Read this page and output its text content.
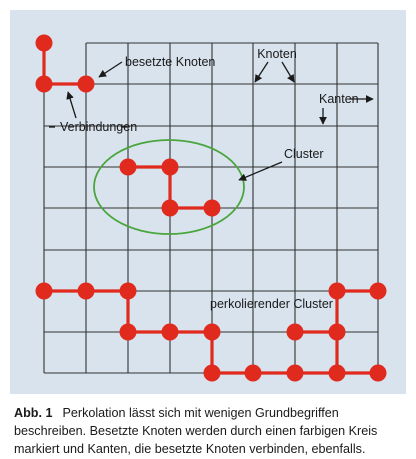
besetzte Knoten
Knoten
Kanten
Verbindungen
Cluster
perkolierender Cluster
Abb. 1 Perkolation lässt sich mit wenigen Grundbegriffen beschreiben. Besetzte Knoten werden durch einen farbigen Kreis markiert und Kanten, die besetzte Knoten verbinden, ebenfalls.
